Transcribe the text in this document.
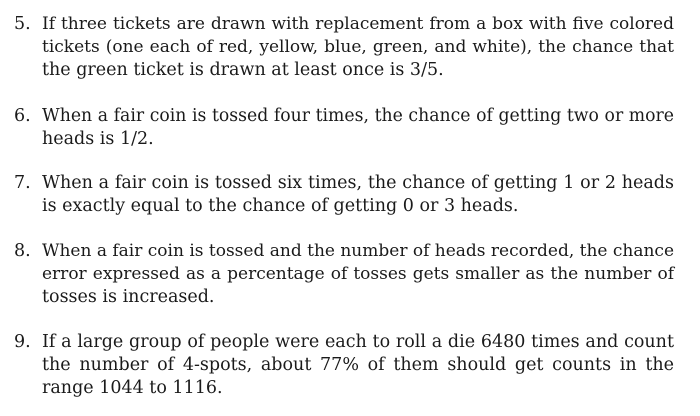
5. If three tickets are drawn with replacement from a box with five colored
tickets (one each of red, yellow, blue, green, and white), the chance that
the green ticket is drawn at least once is 3/5.
6. When a fair coin is tossed four times, the chance of getting two or more
heads is 1/2.
7. When a fair coin is tossed six times, the chance of getting 1 or 2 heads
is exactly equal to the chance of getting 0 or 3 heads.
8. When a fair coin is tossed and the number of heads recorded, the chance
error expressed as a percentage of tosses gets smaller as the number of
tosses is increased.
9. If a large group of people were each to roll a die 6480 times and count
the number of 4-spots, about 77% of them should get counts in the
range 1044 to 1116.
